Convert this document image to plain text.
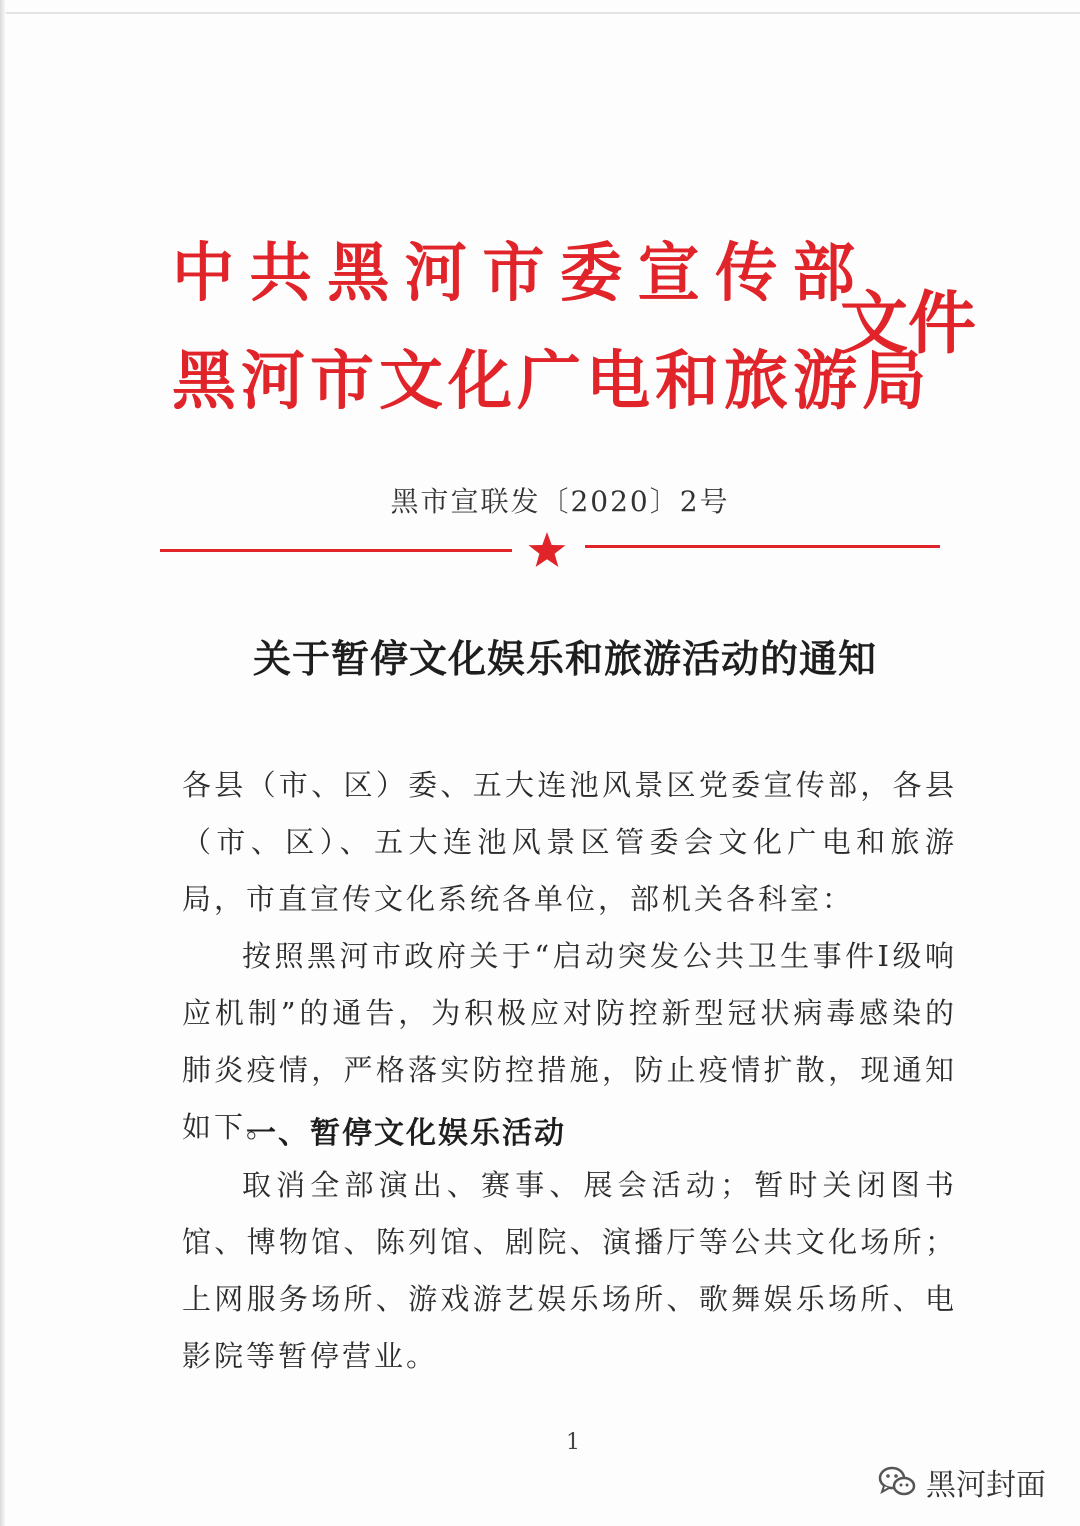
中共黑河市委宣传部
黑河市文化广电和旅游局
文件
黑市宣联发〔2020〕2号
关于暂停文化娱乐和旅游活动的通知
各县（市、区）委、五大连池风景区党委宣传部，各县（市、区）、五大连池风景区管委会文化广电和旅游局，市直宣传文化系统各单位，部机关各科室：
按照黑河市政府关于“启动突发公共卫生事件Ⅰ级响应机制”的通告，为积极应对防控新型冠状病毒感染的肺炎疫情，严格落实防控措施，防止疫情扩散，现通知如下。
一、暂停文化娱乐活动
取消全部演出、赛事、展会活动；暂时关闭图书馆、博物馆、陈列馆、剧院、演播厅等公共文化场所；上网服务场所、游戏游艺娱乐场所、歌舞娱乐场所、电影院等暂停营业。
1
黑河封面
